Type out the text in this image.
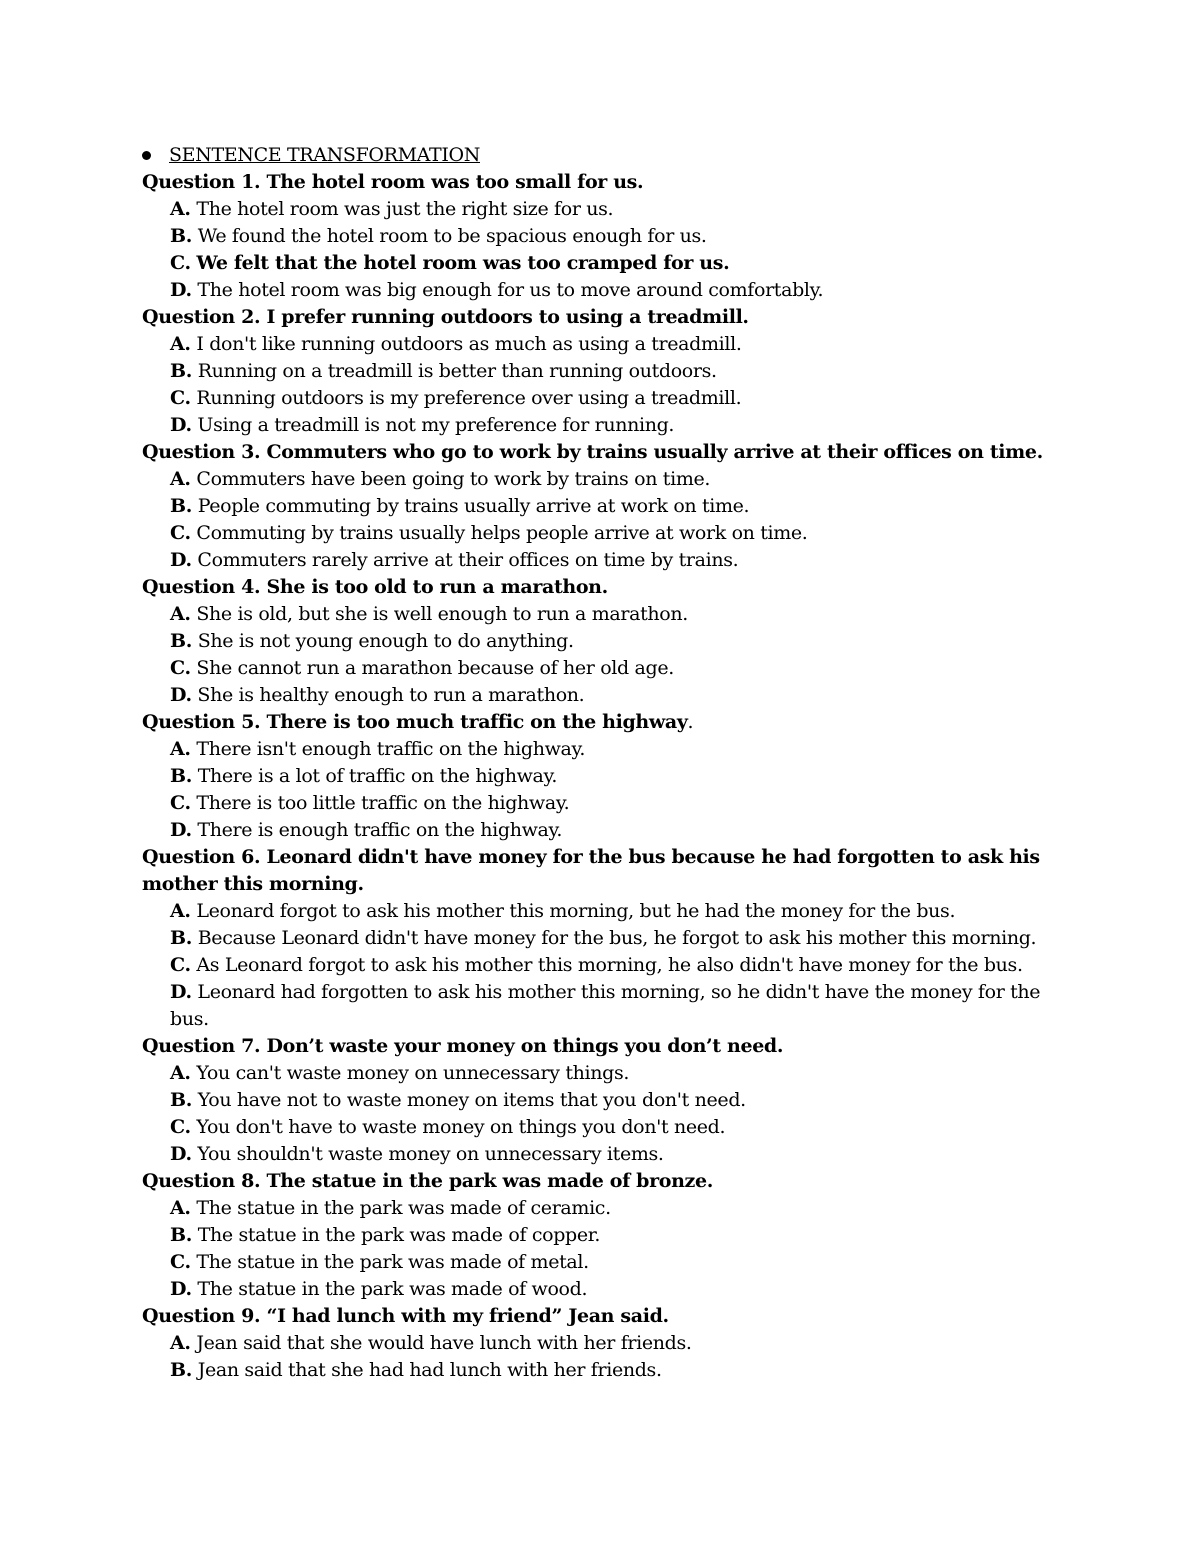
SENTENCE TRANSFORMATION
Question 1. The hotel room was too small for us.
A. The hotel room was just the right size for us.
B. We found the hotel room to be spacious enough for us.
C. We felt that the hotel room was too cramped for us.
D. The hotel room was big enough for us to move around comfortably.
Question 2. I prefer running outdoors to using a treadmill.
A. I don't like running outdoors as much as using a treadmill.
B. Running on a treadmill is better than running outdoors.
C. Running outdoors is my preference over using a treadmill.
D. Using a treadmill is not my preference for running.
Question 3. Commuters who go to work by trains usually arrive at their offices on time.
A. Commuters have been going to work by trains on time.
B. People commuting by trains usually arrive at work on time.
C. Commuting by trains usually helps people arrive at work on time.
D. Commuters rarely arrive at their offices on time by trains.
Question 4. She is too old to run a marathon.
A. She is old, but she is well enough to run a marathon.
B. She is not young enough to do anything.
C. She cannot run a marathon because of her old age.
D. She is healthy enough to run a marathon.
Question 5. There is too much traffic on the highway.
A. There isn't enough traffic on the highway.
B. There is a lot of traffic on the highway.
C. There is too little traffic on the highway.
D. There is enough traffic on the highway.
Question 6. Leonard didn't have money for the bus because he had forgotten to ask his mother this morning.
A. Leonard forgot to ask his mother this morning, but he had the money for the bus.
B. Because Leonard didn't have money for the bus, he forgot to ask his mother this morning.
C. As Leonard forgot to ask his mother this morning, he also didn't have money for the bus.
D. Leonard had forgotten to ask his mother this morning, so he didn't have the money for the bus.
Question 7. Don’t waste your money on things you don’t need.
A. You can't waste money on unnecessary things.
B. You have not to waste money on items that you don't need.
C. You don't have to waste money on things you don't need.
D. You shouldn't waste money on unnecessary items.
Question 8. The statue in the park was made of bronze.
A. The statue in the park was made of ceramic.
B. The statue in the park was made of copper.
C. The statue in the park was made of metal.
D. The statue in the park was made of wood.
Question 9. “I had lunch with my friend” Jean said.
A. Jean said that she would have lunch with her friends.
B. Jean said that she had had lunch with her friends.
